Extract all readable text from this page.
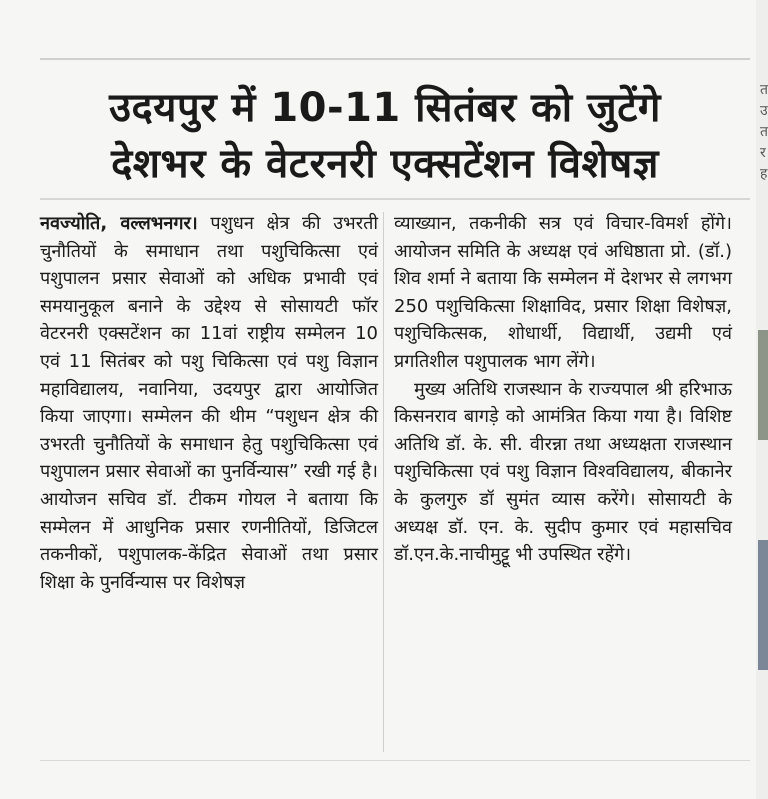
उदयपुर में 10-11 सितंबर को जुटेंगे
देशभर के वेटरनरी एक्सटेंशन विशेषज्ञ

नवज्योति, वल्लभनगर। पशुधन क्षेत्र की उभरती चुनौतियों के समाधान तथा पशुचिकित्सा एवं पशुपालन प्रसार सेवाओं को अधिक प्रभावी एवं समयानुकूल बनाने के उद्देश्य से सोसायटी फॉर वेटरनरी एक्सटेंशन का 11वां राष्ट्रीय सम्मेलन 10 एवं 11 सितंबर को पशु चिकित्सा एवं पशु विज्ञान महाविद्यालय, नवानिया, उदयपुर द्वारा आयोजित किया जाएगा। सम्मेलन की थीम “पशुधन क्षेत्र की उभरती चुनौतियों के समाधान हेतु पशुचिकित्सा एवं पशुपालन प्रसार सेवाओं का पुनर्विन्यास” रखी गई है। आयोजन सचिव डॉ. टीकम गोयल ने बताया कि सम्मेलन में आधुनिक प्रसार रणनीतियों, डिजिटल तकनीकों, पशुपालक-केंद्रित सेवाओं तथा प्रसार शिक्षा के पुनर्विन्यास पर विशेषज्ञ

व्याख्यान, तकनीकी सत्र एवं विचार-विमर्श होंगे। आयोजन समिति के अध्यक्ष एवं अधिष्ठाता प्रो. (डॉ.) शिव शर्मा ने बताया कि सम्मेलन में देशभर से लगभग 250 पशुचिकित्सा शिक्षाविद, प्रसार शिक्षा विशेषज्ञ, पशुचिकित्सक, शोधार्थी, विद्यार्थी, उद्यमी एवं प्रगतिशील पशुपालक भाग लेंगे।

मुख्य अतिथि राजस्थान के राज्यपाल श्री हरिभाऊ किसनराव बागड़े को आमंत्रित किया गया है। विशिष्ट अतिथि डॉ. के. सी. वीरन्ना तथा अध्यक्षता राजस्थान पशुचिकित्सा एवं पशु विज्ञान विश्वविद्यालय, बीकानेर के कुलगुरु डॉ सुमंत व्यास करेंगे। सोसायटी के अध्यक्ष डॉ. एन. के. सुदीप कुमार एवं महासचिव डॉ.एन.के.नाचीमुट्टू भी उपस्थित रहेंगे।

त
उ
त
र
ह
